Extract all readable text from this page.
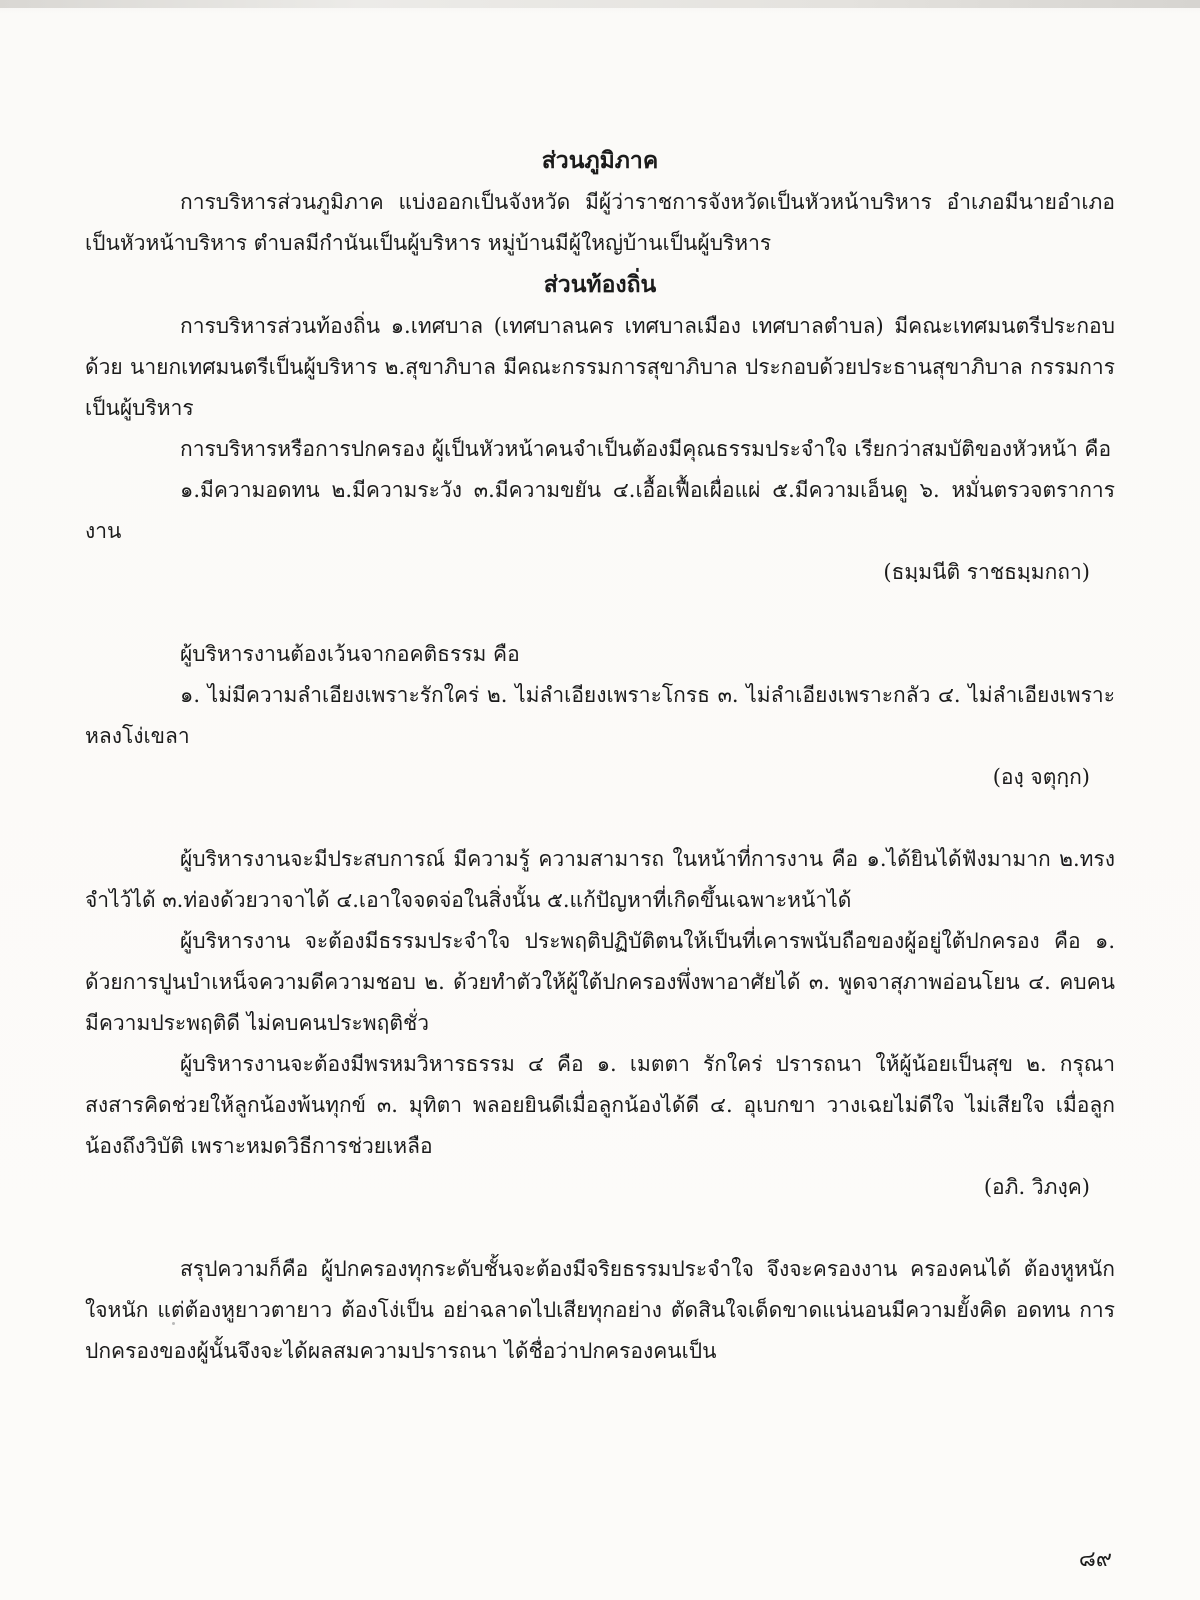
ส่วนภูมิภาค

การบริหารส่วนภูมิภาค แบ่งออกเป็นจังหวัด มีผู้ว่าราชการจังหวัดเป็นหัวหน้าบริหาร อำเภอมีนายอำเภอเป็นหัวหน้าบริหาร ตำบลมีกำนันเป็นผู้บริหาร หมู่บ้านมีผู้ใหญ่บ้านเป็นผู้บริหาร

ส่วนท้องถิ่น

การบริหารส่วนท้องถิ่น ๑.เทศบาล (เทศบาลนคร เทศบาลเมือง เทศบาลตำบล) มีคณะเทศมนตรีประกอบด้วย นายกเทศมนตรีเป็นผู้บริหาร ๒.สุขาภิบาล มีคณะกรรมการสุขาภิบาล ประกอบด้วยประธานสุขาภิบาล กรรมการ เป็นผู้บริหาร

การบริหารหรือการปกครอง ผู้เป็นหัวหน้าคนจำเป็นต้องมีคุณธรรมประจำใจ เรียกว่าสมบัติของหัวหน้า คือ

๑.มีความอดทน ๒.มีความระวัง ๓.มีความขยัน ๔.เอื้อเฟื้อเผื่อแผ่ ๕.มีความเอ็นดู ๖. หมั่นตรวจตราการงาน

(ธมฺมนีติ ราชธมฺมกถา)

ผู้บริหารงานต้องเว้นจากอคติธรรม คือ

๑. ไม่มีความลำเอียงเพราะรักใคร่ ๒. ไม่ลำเอียงเพราะโกรธ ๓. ไม่ลำเอียงเพราะกลัว ๔. ไม่ลำเอียงเพราะหลงโง่เขลา

(องฺ จตุกฺก)

ผู้บริหารงานจะมีประสบการณ์ มีความรู้ ความสามารถ ในหน้าที่การงาน คือ ๑.ได้ยินได้ฟังมามาก ๒.ทรงจำไว้ได้ ๓.ท่องด้วยวาจาได้ ๔.เอาใจจดจ่อในสิ่งนั้น ๕.แก้ปัญหาที่เกิดขึ้นเฉพาะหน้าได้

ผู้บริหารงาน จะต้องมีธรรมประจำใจ ประพฤติปฏิบัติตนให้เป็นที่เคารพนับถือของผู้อยู่ใต้ปกครอง คือ ๑. ด้วยการปูนบำเหน็จความดีความชอบ ๒. ด้วยทำตัวให้ผู้ใต้ปกครองพึ่งพาอาศัยได้ ๓. พูดจาสุภาพอ่อนโยน ๔. คบคนมีความประพฤติดี ไม่คบคนประพฤติชั่ว

ผู้บริหารงานจะต้องมีพรหมวิหารธรรม ๔ คือ ๑. เมตตา รักใคร่ ปรารถนา ให้ผู้น้อยเป็นสุข ๒. กรุณา สงสารคิดช่วยให้ลูกน้องพ้นทุกข์ ๓. มุทิตา พลอยยินดีเมื่อลูกน้องได้ดี ๔. อุเบกขา วางเฉยไม่ดีใจ ไม่เสียใจ เมื่อลูกน้องถึงวิบัติ เพราะหมดวิธีการช่วยเหลือ

(อภิ. วิภงฺค)

สรุปความก็คือ ผู้ปกครองทุกระดับชั้นจะต้องมีจริยธรรมประจำใจ จึงจะครองงาน ครองคนได้ ต้องหูหนัก ใจหนัก แต่ต้องหูยาวตายาว ต้องโง่เป็น อย่าฉลาดไปเสียทุกอย่าง ตัดสินใจเด็ดขาดแน่นอนมีความยั้งคิด อดทน การปกครองของผู้นั้นจึงจะได้ผลสมความปรารถนา ได้ชื่อว่าปกครองคนเป็น

๘๙
